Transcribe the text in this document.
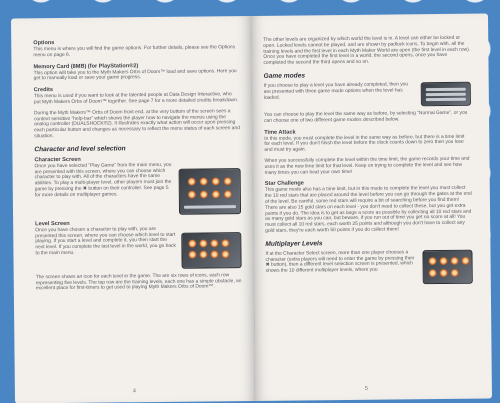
Options
This menu is where you will find the game options. For further details, please see the Options menu on page 6.
Memory Card (8MB) (for PlayStation®2)
This option will take you to the Myth Makers Orbs of Doom™ load and save options. Here you get to manually load or save your game progress.
Credits
This menu is used if you want to look at the talented people at Data Design Interactive, who put Myth Makers Orbs of Doom™ together. See page 7 for a more detailed credits breakdown.
During the Myth Makers™ Orbs of Doom front end, at the very bottom of the screen sees a context sensitive "help-bar" which shows the player how to navigate the menus using the analog controller (DUALSHOCK®2). It illustrates exactly what action will occur upon pressing each particular button and changes as necessary to reflect the menu status of each screen and situation.
Character and level selection
Character Screen
Once you have selected "Play Game" from the main menu, you are presented with this screen, where you can choose which character to play with. All of the characters have the same abilities. To play a multi-player level, other players must join the game by pressing the ✖ button on their controller. See page 5 for more details on multiplayer games.
Level Screen
Once you have chosen a character to play with, you are presented this screen, where you can choose which level to start playing. If you start a level and complete it, you then start the next level. If you complete the last level in the world, you go back to the main menu.
The screen shows an icon for each level in the game. The are six rows of icons, each row representing five levels. The top row are the training levels, each one has a simple obstacle, an excellent place for first-timers to get used to playing Myth Makers Orbs of Doom™.
4
The other levels are organized by which world the level is in. A level can either be locked or open. Locked levels cannot be played, and are shown by padlock icons. To begin with, all the training levels and the first level in each Myth Maker World are open (the first level in each row). Once you have completed the first level in a world, the second opens, once you have completed the second the third opens and so on.
Game modes
If you choose to play a level you have already completed, then you are presented with three game mode options when the level has loaded.
You can choose to play the level the same way as before, by selecting "Normal Game", or you can choose one of two different game modes described below.
Time Attack
In this mode, you must complete the level in the same way as before, but there is a time limit for each level. If you don't finish the level before the clock counts down to zero then you lose and must try again.
When you successfully complete the level within the time limit, the game records your time and uses it as the new time limit for that level. Keep on trying to complete the level and see how many times you can beat your own time!
Star Challenge
This game mode also has a time limit, but in this mode to complete the level you must collect the 10 red stars that are placed around the level before you can go through the gates at the end of the level. Be careful, some red stars will require a bit of searching before you find them! There are also 15 gold stars on each level - you don't need to collect these, but you get extra points if you do. The idea is to get as large a score as possible by collecting all 10 red stars and as many gold stars as you can, but beware, if you run out of time you get no score at all! You must collect all 10 red stars, each worth 25 points and although you don't have to collect any gold stars, they're each worth 50 points if you do collect them!
Multiplayer Levels
If at the Character Select screen, more than one player chooses a character (extra players will need to enter the game by pressing their ✖ button), then a different level selection screen is presented, which shows the 10 different multiplayer levels, where you
5
